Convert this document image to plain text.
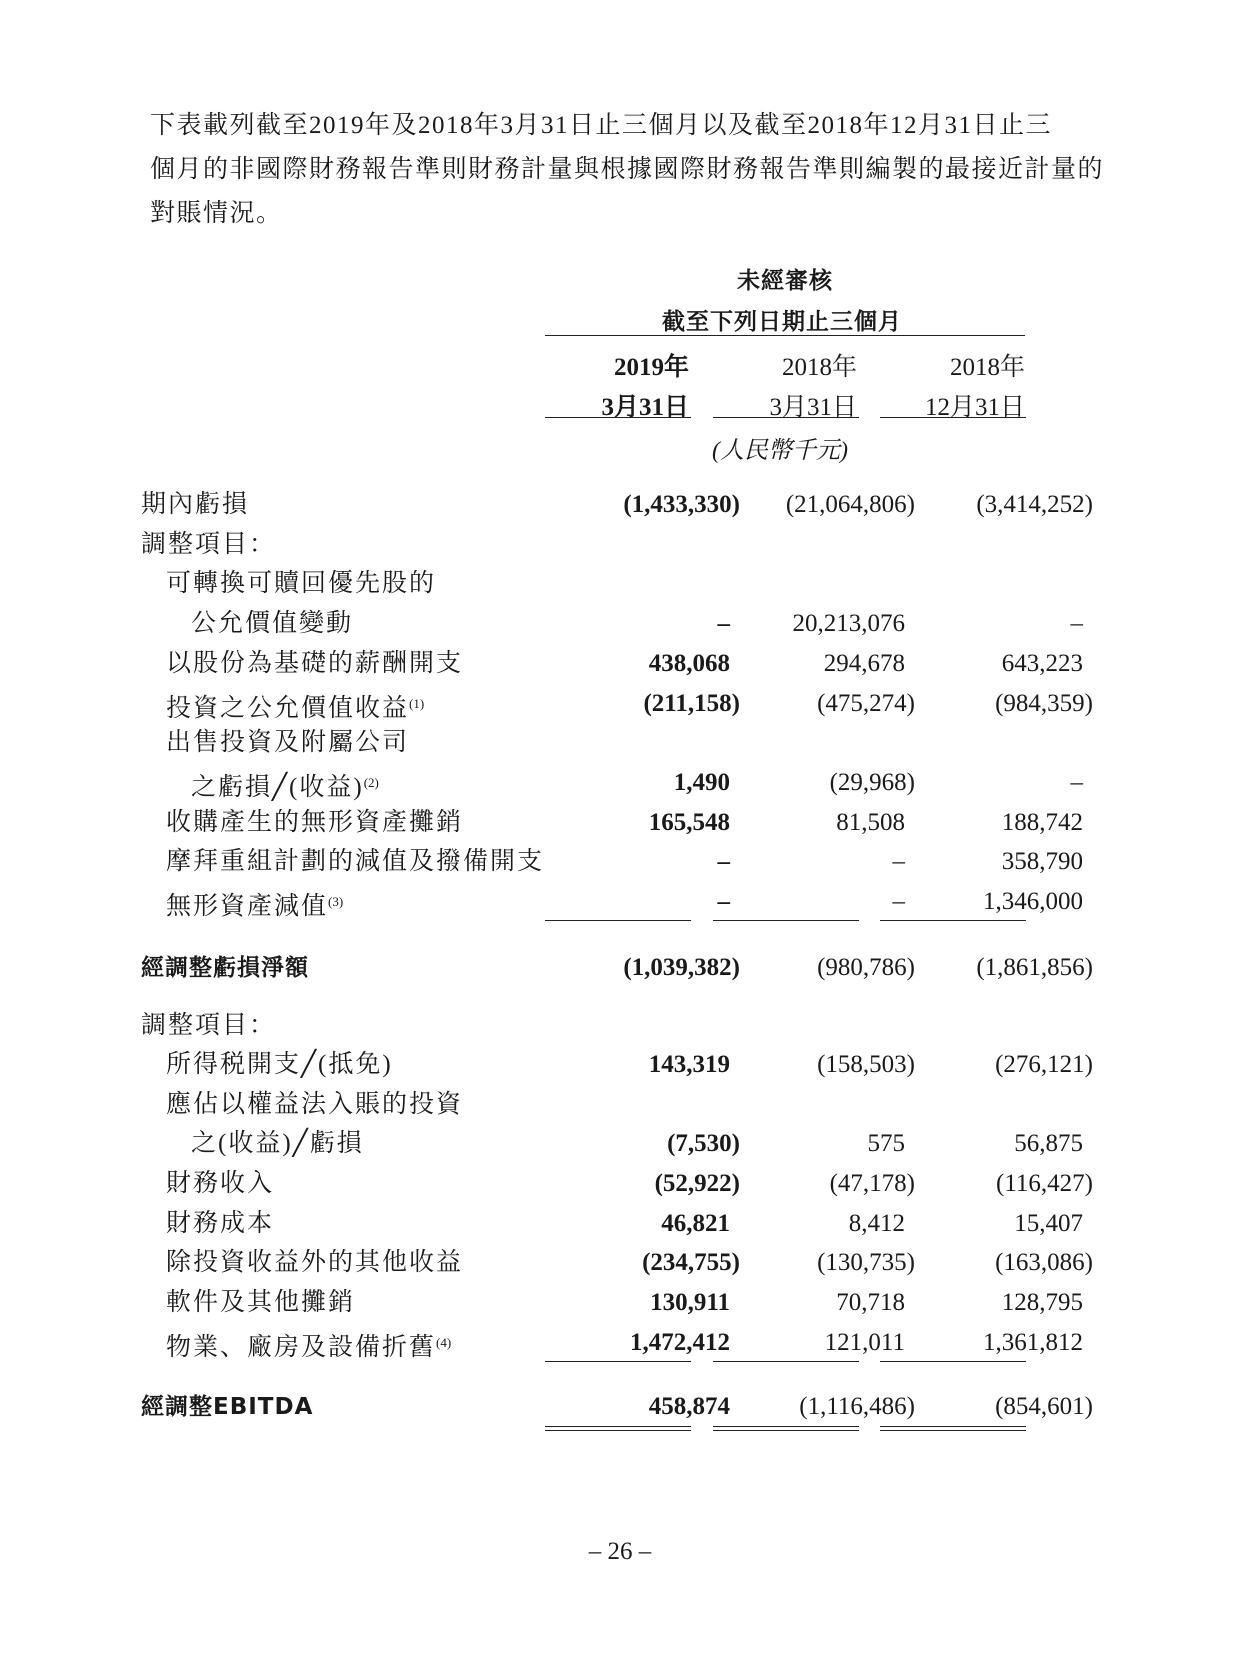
下表載列截至2019年及2018年3月31日止三個月以及截至2018年12月31日止三
個月的非國際財務報告準則財務計量與根據國際財務報告準則編製的最接近計量的
對賬情況。
未經審核
截至下列日期止三個月
2019年	2018年	2018年
3月31日	3月31日	12月31日
(人民幣千元)
期內虧損	(1,433,330) (21,064,806) (3,414,252)
調整項目：
可轉換可贖回優先股的
公允價值變動	–	20,213,076	–
以股份為基礎的薪酬開支	438,068	294,678	643,223
投資之公允價值收益$^{(1)}$	(211,158)	(475,274)	(984,359)
出售投資及附屬公司
之虧損╱(收益)$^{(2)}$	1,490	(29,968)	–
收購產生的無形資產攤銷	165,548	81,508	188,742
摩拜重組計劃的減值及撥備開支	–	–	358,790
無形資產減值$^{(3)}$	–	–	1,346,000
經調整虧損淨額	(1,039,382)	(980,786) (1,861,856)
調整項目：
所得税開支╱(抵免)	143,319	(158,503)	(276,121)
應佔以權益法入賬的投資
之(收益)╱虧損	(7,530)	575	56,875
財務收入	(52,922)	(47,178)	(116,427)
財務成本	46,821	8,412	15,407
除投資收益外的其他收益	(234,755)	(130,735)	(163,086)
軟件及其他攤銷	130,911	70,718	128,795
物業、廠房及設備折舊$^{(4)}$	1,472,412	121,011	1,361,812
經調整EBITDA	458,874	(1,116,486)	(854,601)
– 26 –
